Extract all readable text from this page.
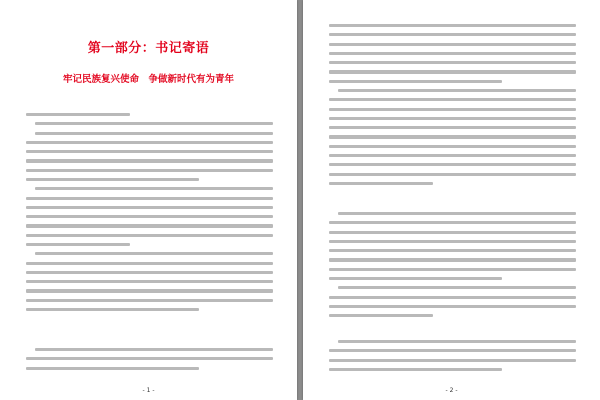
第一部分：书记寄语
牢记民族复兴使命　争做新时代有为青年
- 1 -	- 2 -
